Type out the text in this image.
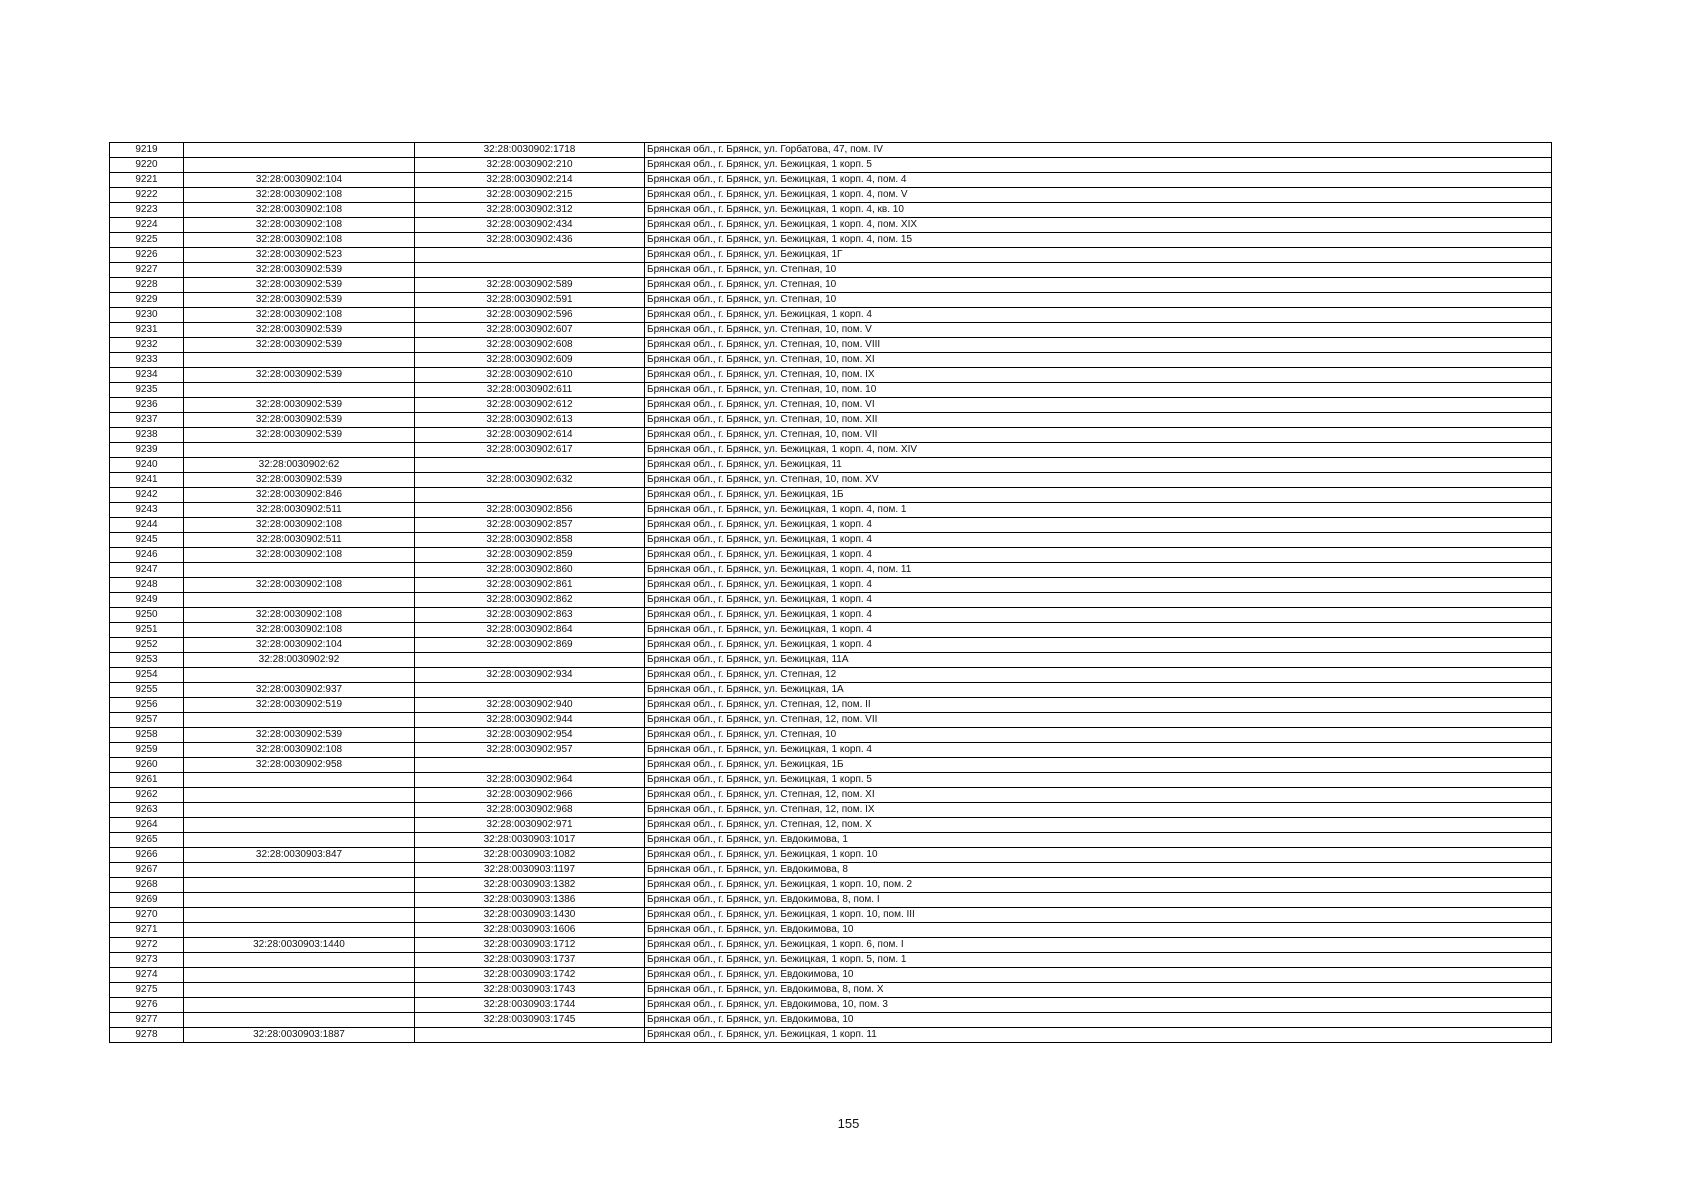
9219		32:28:0030902:1718	Брянская обл., г. Брянск, ул. Горбатова, 47, пом. IV
9220		32:28:0030902:210	Брянская обл., г. Брянск, ул. Бежицкая, 1 корп. 5
9221	32:28:0030902:104	32:28:0030902:214	Брянская обл., г. Брянск, ул. Бежицкая, 1 корп. 4, пом. 4
9222	32:28:0030902:108	32:28:0030902:215	Брянская обл., г. Брянск, ул. Бежицкая, 1 корп. 4, пом. V
9223	32:28:0030902:108	32:28:0030902:312	Брянская обл., г. Брянск, ул. Бежицкая, 1 корп. 4, кв. 10
9224	32:28:0030902:108	32:28:0030902:434	Брянская обл., г. Брянск, ул. Бежицкая, 1 корп. 4, пом. XIX
9225	32:28:0030902:108	32:28:0030902:436	Брянская обл., г. Брянск, ул. Бежицкая, 1 корп. 4, пом. 15
9226	32:28:0030902:523		Брянская обл., г. Брянск, ул. Бежицкая, 1Г
9227	32:28:0030902:539		Брянская обл., г. Брянск, ул. Степная, 10
9228	32:28:0030902:539	32:28:0030902:589	Брянская обл., г. Брянск, ул. Степная, 10
9229	32:28:0030902:539	32:28:0030902:591	Брянская обл., г. Брянск, ул. Степная, 10
9230	32:28:0030902:108	32:28:0030902:596	Брянская обл., г. Брянск, ул. Бежицкая, 1 корп. 4
9231	32:28:0030902:539	32:28:0030902:607	Брянская обл., г. Брянск, ул. Степная, 10, пом. V
9232	32:28:0030902:539	32:28:0030902:608	Брянская обл., г. Брянск, ул. Степная, 10, пом. VIII
9233		32:28:0030902:609	Брянская обл., г. Брянск, ул. Степная, 10, пом. XI
9234	32:28:0030902:539	32:28:0030902:610	Брянская обл., г. Брянск, ул. Степная, 10, пом. IX
9235		32:28:0030902:611	Брянская обл., г. Брянск, ул. Степная, 10, пом. 10
9236	32:28:0030902:539	32:28:0030902:612	Брянская обл., г. Брянск, ул. Степная, 10, пом. VI
9237	32:28:0030902:539	32:28:0030902:613	Брянская обл., г. Брянск, ул. Степная, 10, пом. XII
9238	32:28:0030902:539	32:28:0030902:614	Брянская обл., г. Брянск, ул. Степная, 10, пом. VII
9239		32:28:0030902:617	Брянская обл., г. Брянск, ул. Бежицкая, 1 корп. 4, пом. XIV
9240	32:28:0030902:62		Брянская обл., г. Брянск, ул. Бежицкая, 11
9241	32:28:0030902:539	32:28:0030902:632	Брянская обл., г. Брянск, ул. Степная, 10, пом. XV
9242	32:28:0030902:846		Брянская обл., г. Брянск, ул. Бежицкая, 1Б
9243	32:28:0030902:511	32:28:0030902:856	Брянская обл., г. Брянск, ул. Бежицкая, 1 корп. 4, пом. 1
9244	32:28:0030902:108	32:28:0030902:857	Брянская обл., г. Брянск, ул. Бежицкая, 1 корп. 4
9245	32:28:0030902:511	32:28:0030902:858	Брянская обл., г. Брянск, ул. Бежицкая, 1 корп. 4
9246	32:28:0030902:108	32:28:0030902:859	Брянская обл., г. Брянск, ул. Бежицкая, 1 корп. 4
9247		32:28:0030902:860	Брянская обл., г. Брянск, ул. Бежицкая, 1 корп. 4, пом. 11
9248	32:28:0030902:108	32:28:0030902:861	Брянская обл., г. Брянск, ул. Бежицкая, 1 корп. 4
9249		32:28:0030902:862	Брянская обл., г. Брянск, ул. Бежицкая, 1 корп. 4
9250	32:28:0030902:108	32:28:0030902:863	Брянская обл., г. Брянск, ул. Бежицкая, 1 корп. 4
9251	32:28:0030902:108	32:28:0030902:864	Брянская обл., г. Брянск, ул. Бежицкая, 1 корп. 4
9252	32:28:0030902:104	32:28:0030902:869	Брянская обл., г. Брянск, ул. Бежицкая, 1 корп. 4
9253	32:28:0030902:92		Брянская обл., г. Брянск, ул. Бежицкая, 11А
9254		32:28:0030902:934	Брянская обл., г. Брянск, ул. Степная, 12
9255	32:28:0030902:937		Брянская обл., г. Брянск, ул. Бежицкая, 1А
9256	32:28:0030902:519	32:28:0030902:940	Брянская обл., г. Брянск, ул. Степная, 12, пом. II
9257		32:28:0030902:944	Брянская обл., г. Брянск, ул. Степная, 12, пом. VII
9258	32:28:0030902:539	32:28:0030902:954	Брянская обл., г. Брянск, ул. Степная, 10
9259	32:28:0030902:108	32:28:0030902:957	Брянская обл., г. Брянск, ул. Бежицкая, 1 корп. 4
9260	32:28:0030902:958		Брянская обл., г. Брянск, ул. Бежицкая, 1Б
9261		32:28:0030902:964	Брянская обл., г. Брянск, ул. Бежицкая, 1 корп. 5
9262		32:28:0030902:966	Брянская обл., г. Брянск, ул. Степная, 12, пом. XI
9263		32:28:0030902:968	Брянская обл., г. Брянск, ул. Степная, 12, пом. IX
9264		32:28:0030902:971	Брянская обл., г. Брянск, ул. Степная, 12, пом. X
9265		32:28:0030903:1017	Брянская обл., г. Брянск, ул. Евдокимова, 1
9266	32:28:0030903:847	32:28:0030903:1082	Брянская обл., г. Брянск, ул. Бежицкая, 1 корп. 10
9267		32:28:0030903:1197	Брянская обл., г. Брянск, ул. Евдокимова, 8
9268		32:28:0030903:1382	Брянская обл., г. Брянск, ул. Бежицкая, 1 корп. 10, пом. 2
9269		32:28:0030903:1386	Брянская обл., г. Брянск, ул. Евдокимова, 8, пом. I
9270		32:28:0030903:1430	Брянская обл., г. Брянск, ул. Бежицкая, 1 корп. 10, пом. III
9271		32:28:0030903:1606	Брянская обл., г. Брянск, ул. Евдокимова, 10
9272	32:28:0030903:1440	32:28:0030903:1712	Брянская обл., г. Брянск, ул. Бежицкая, 1 корп. 6, пом. I
9273		32:28:0030903:1737	Брянская обл., г. Брянск, ул. Бежицкая, 1 корп. 5, пом. 1
9274		32:28:0030903:1742	Брянская обл., г. Брянск, ул. Евдокимова, 10
9275		32:28:0030903:1743	Брянская обл., г. Брянск, ул. Евдокимова, 8, пом. X
9276		32:28:0030903:1744	Брянская обл., г. Брянск, ул. Евдокимова, 10, пом. 3
9277		32:28:0030903:1745	Брянская обл., г. Брянск, ул. Евдокимова, 10
9278	32:28:0030903:1887		Брянская обл., г. Брянск, ул. Бежицкая, 1 корп. 11
155
